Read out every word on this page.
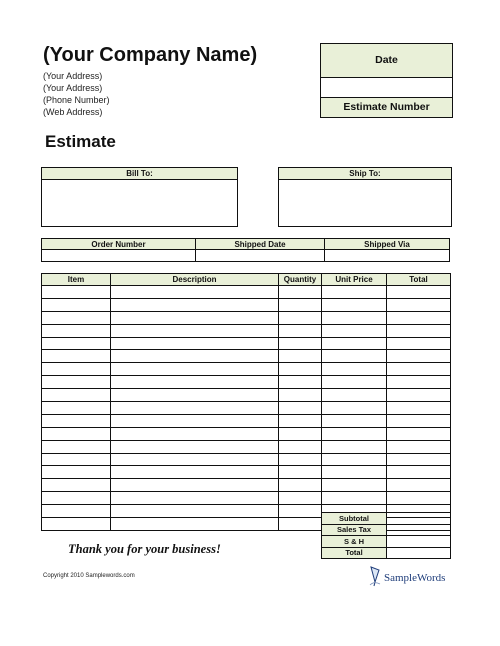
(Your Company Name)
(Your Address)
(Your Address)
(Phone Number)
(Web Address)
Date
Estimate Number
Estimate
Bill To:	Ship To:
Order Number	Shipped Date	Shipped Via

Item	Description	Quantity	Unit Price	Total

Subtotal	
Sales Tax	
S & H	
Total	
Thank you for your business!
Copyright 2010 Samplewords.com	SampleWords
